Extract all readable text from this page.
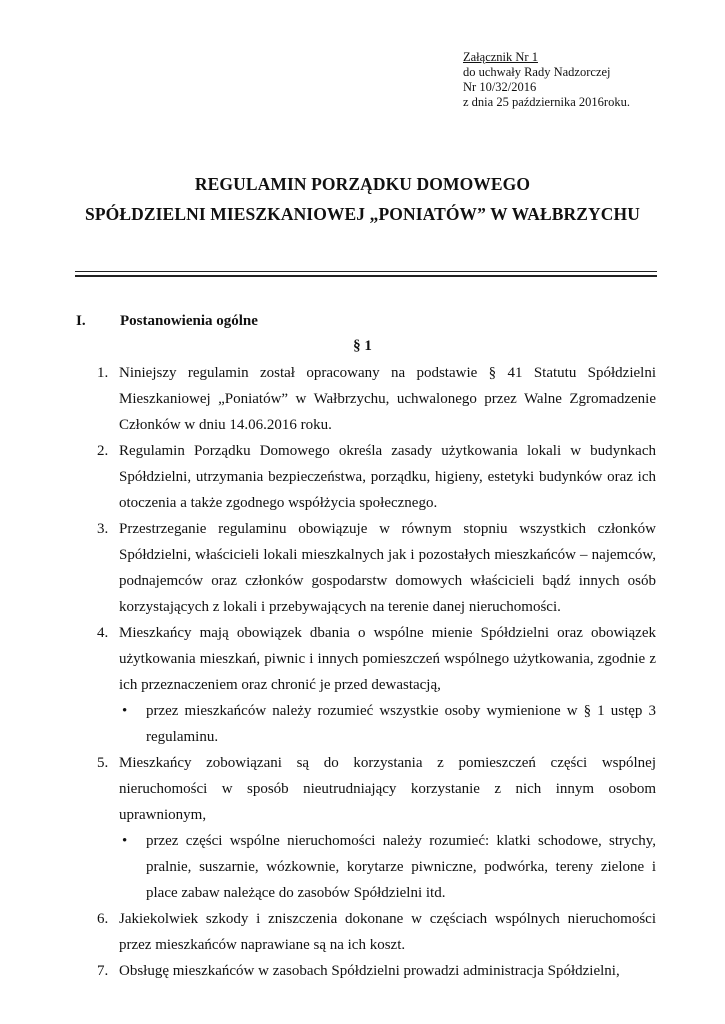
Załącznik Nr 1
do uchwały Rady Nadzorczej
Nr 10/32/2016
z dnia 25 października 2016roku.
REGULAMIN PORZĄDKU DOMOWEGO
SPÓŁDZIELNI MIESZKANIOWEJ „PONIATÓW” W WAŁBRZYCHU
I. Postanowienia ogólne
§ 1
1. Niniejszy regulamin został opracowany na podstawie § 41 Statutu Spółdzielni Mieszkaniowej „Poniatów” w Wałbrzychu, uchwalonego przez Walne Zgromadzenie Członków w dniu 14.06.2016 roku.
2. Regulamin Porządku Domowego określa zasady użytkowania lokali w budynkach Spółdzielni, utrzymania bezpieczeństwa, porządku, higieny, estetyki budynków oraz ich otoczenia a także zgodnego współżycia społecznego.
3. Przestrzeganie regulaminu obowiązuje w równym stopniu wszystkich członków Spółdzielni, właścicieli lokali mieszkalnych jak i pozostałych mieszkańców – najemców, podnajemców oraz członków gospodarstw domowych właścicieli bądź innych osób korzystających z lokali i przebywających na terenie danej nieruchomości.
4. Mieszkańcy mają obowiązek dbania o wspólne mienie Spółdzielni oraz obowiązek użytkowania mieszkań, piwnic i innych pomieszczeń wspólnego użytkowania, zgodnie z ich przeznaczeniem oraz chronić je przed dewastacją,
• przez mieszkańców należy rozumieć wszystkie osoby wymienione w § 1 ustęp 3 regulaminu.
5. Mieszkańcy zobowiązani są do korzystania z pomieszczeń części wspólnej nieruchomości w sposób nieutrudniający korzystanie z nich innym osobom uprawnionym,
• przez części wspólne nieruchomości należy rozumieć: klatki schodowe, strychy, pralnie, suszarnie, wózkownie, korytarze piwniczne, podwórka, tereny zielone i place zabaw należące do zasobów Spółdzielni itd.
6. Jakiekolwiek szkody i zniszczenia dokonane w częściach wspólnych nieruchomości przez mieszkańców naprawiane są na ich koszt.
7. Obsługę mieszkańców w zasobach Spółdzielni prowadzi administracja Spółdzielni,
